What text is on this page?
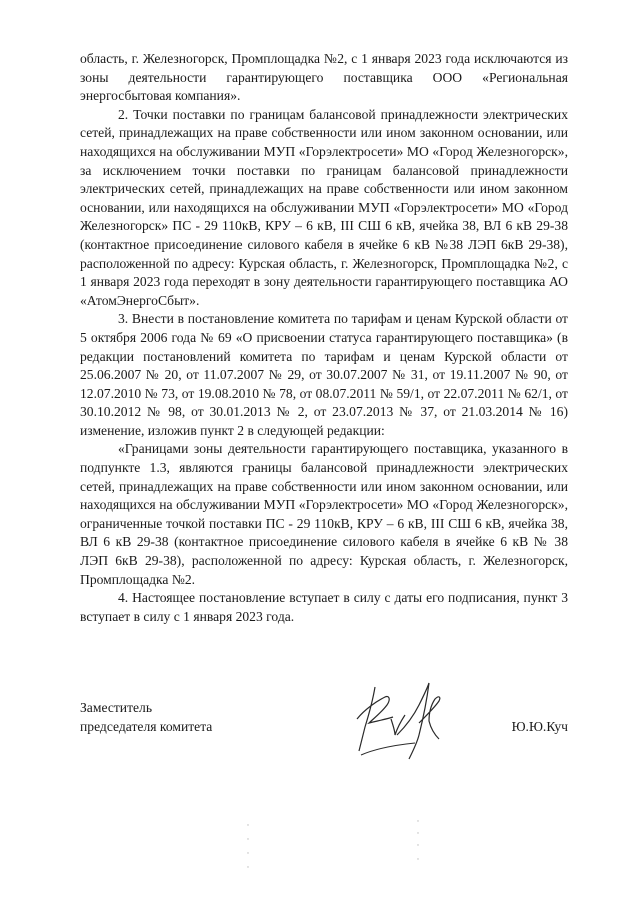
область, г. Железногорск, Промплощадка №2, с 1 января 2023 года исключаются из зоны деятельности гарантирующего поставщика ООО «Региональная энергосбытовая компания».

2. Точки поставки по границам балансовой принадлежности электрических сетей, принадлежащих на праве собственности или ином законном основании, или находящихся на обслуживании МУП «Горэлектросети» МО «Город Железногорск», за исключением точки поставки по границам балансовой принадлежности электрических сетей, принадлежащих на праве собственности или ином законном основании, или находящихся на обслуживании МУП «Горэлектросети» МО «Город Железногорск» ПС - 29 110кВ, КРУ – 6 кВ, III СШ 6 кВ, ячейка 38, ВЛ 6 кВ 29-38 (контактное присоединение силового кабеля в ячейке 6 кВ №38 ЛЭП 6кВ 29-38), расположенной по адресу: Курская область, г. Железногорск, Промплощадка №2, с 1 января 2023 года переходят в зону деятельности гарантирующего поставщика АО «АтомЭнергоСбыт».

3. Внести в постановление комитета по тарифам и ценам Курской области от 5 октября 2006 года № 69 «О присвоении статуса гарантирующего поставщика» (в редакции постановлений комитета по тарифам и ценам Курской области от 25.06.2007 № 20, от 11.07.2007 № 29, от 30.07.2007 № 31, от 19.11.2007 № 90, от 12.07.2010 № 73, от 19.08.2010 № 78, от 08.07.2011 № 59/1, от 22.07.2011 № 62/1, от 30.10.2012 № 98, от 30.01.2013 № 2, от 23.07.2013 № 37, от 21.03.2014 № 16) изменение, изложив пункт 2 в следующей редакции:

«Границами зоны деятельности гарантирующего поставщика, указанного в подпункте 1.3, являются границы балансовой принадлежности электрических сетей, принадлежащих на праве собственности или ином законном основании, или находящихся на обслуживании МУП «Горэлектросети» МО «Город Железногорск», ограниченные точкой поставки ПС - 29 110кВ, КРУ – 6 кВ, III СШ 6 кВ, ячейка 38, ВЛ 6 кВ 29-38 (контактное присоединение силового кабеля в ячейке 6 кВ № 38 ЛЭП 6кВ 29-38), расположенной по адресу: Курская область, г. Железногорск, Промплощадка №2.

4. Настоящее постановление вступает в силу с даты его подписания, пункт 3 вступает в силу с 1 января 2023 года.

Заместитель
председателя комитета	Ю.Ю.Куч
